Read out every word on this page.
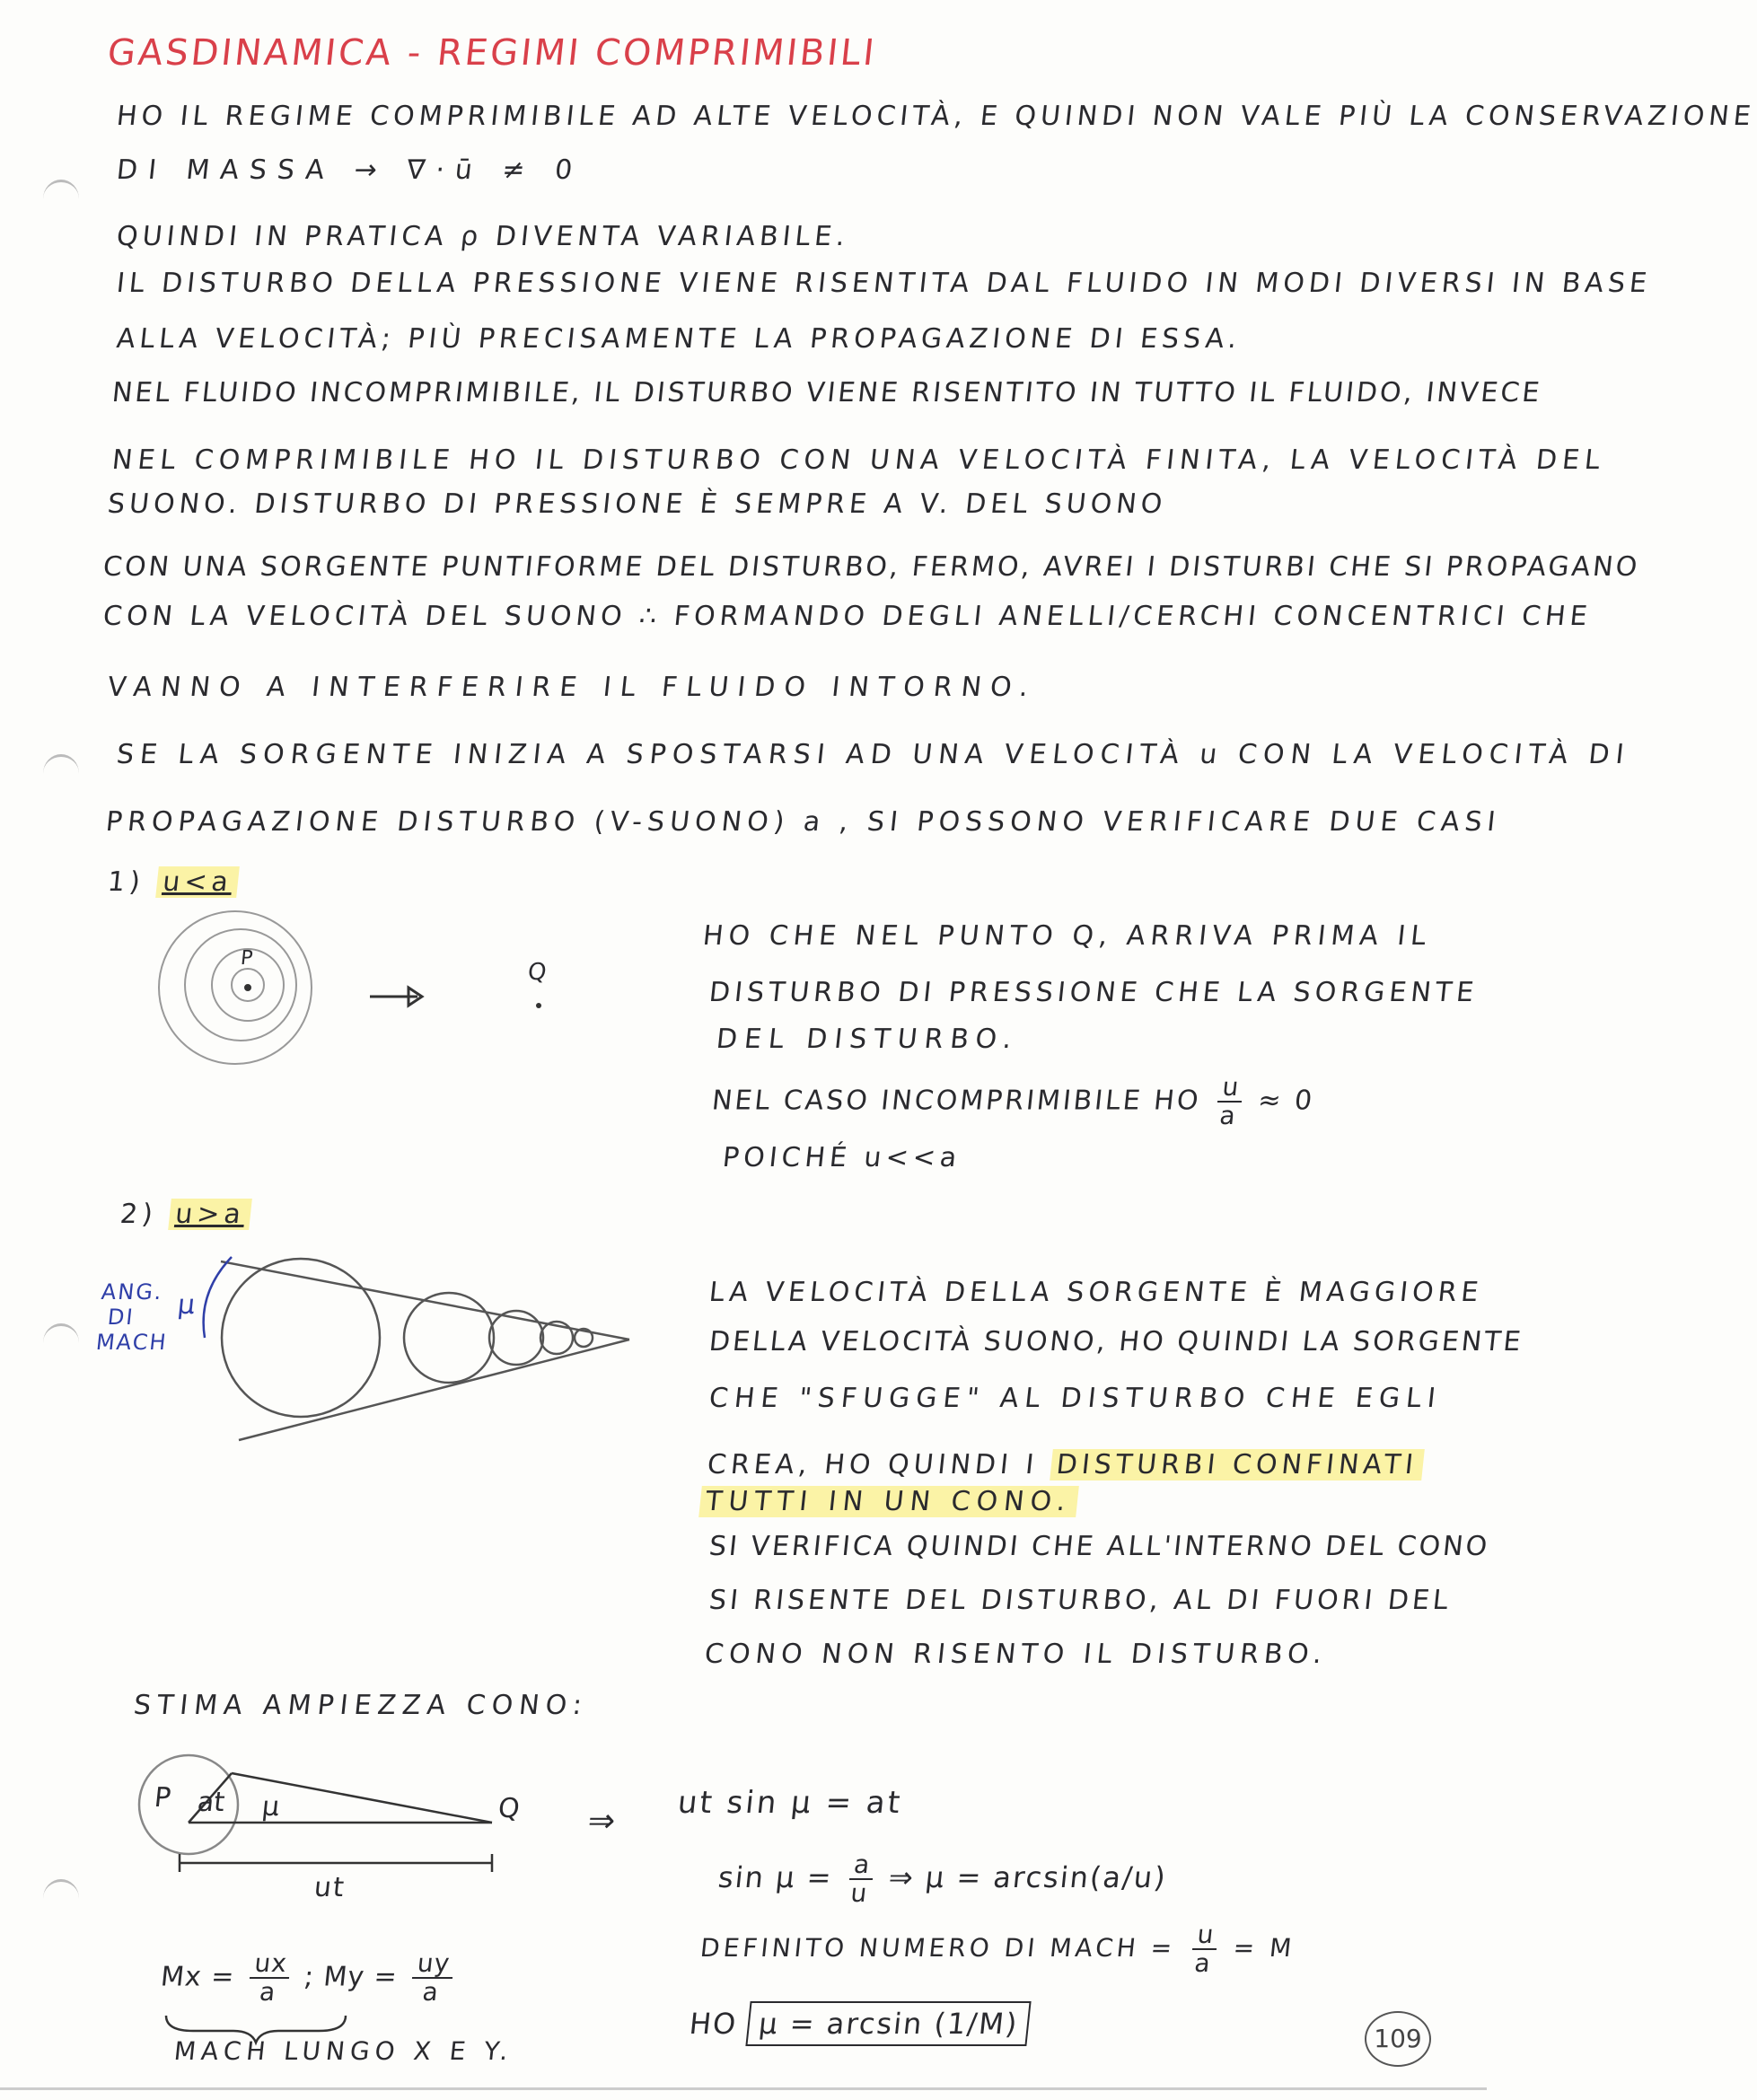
GASDINAMICA - REGIMI COMPRIMIBILI
HO IL REGIME COMPRIMIBILE AD ALTE VELOCITÀ, E QUINDI NON VALE PIÙ LA CONSERVAZIONE
DI MASSA → ∇·ū ≠ 0
QUINDI IN PRATICA ρ DIVENTA VARIABILE.
IL DISTURBO DELLA PRESSIONE VIENE RISENTITA DAL FLUIDO IN MODI DIVERSI IN BASE
ALLA VELOCITÀ; PIÙ PRECISAMENTE LA PROPAGAZIONE DI ESSA.
NEL FLUIDO INCOMPRIMIBILE, IL DISTURBO VIENE RISENTITO IN TUTTO IL FLUIDO, INVECE
NEL COMPRIMIBILE HO IL DISTURBO CON UNA VELOCITÀ FINITA, LA VELOCITÀ DEL
SUONO. DISTURBO DI PRESSIONE È SEMPRE A V. DEL SUONO
CON UNA SORGENTE PUNTIFORME DEL DISTURBO, FERMO, AVREI I DISTURBI CHE SI PROPAGANO
CON LA VELOCITÀ DEL SUONO ∴ FORMANDO DEGLI ANELLI/CERCHI CONCENTRICI CHE
VANNO A INTERFERIRE IL FLUIDO INTORNO.
SE LA SORGENTE INIZIA A SPOSTARSI AD UNA VELOCITÀ u CON LA VELOCITÀ DI
PROPAGAZIONE DISTURBO (V-SUONO) a , SI POSSONO VERIFICARE DUE CASI
1) u<a
P
Q
HO CHE NEL PUNTO Q, ARRIVA PRIMA IL
DISTURBO DI PRESSIONE CHE LA SORGENTE
DEL DISTURBO.
NEL CASO INCOMPRIMIBILE HO $\frac{u}{a} \approx 0$
POICHÉ u<<a
2) u>a
ANG.
DI
MACH
μ	LA VELOCITÀ DELLA SORGENTE È MAGGIORE
DELLA VELOCITÀ SUONO, HO QUINDI LA SORGENTE
CHE "SFUGGE" AL DISTURBO CHE EGLI
CREA, HO QUINDI I DISTURBI CONFINATI
TUTTI IN UN CONO.
SI VERIFICA QUINDI CHE ALL'INTERNO DEL CONO
SI RISENTE DEL DISTURBO, AL DI FUORI DEL
CONO NON RISENTO IL DISTURBO.
STIMA AMPIEZZA CONO:
P at μ	Q
ut
⇒ ut sin μ = at
$\sin \mu = \frac{a}{u}$ ⇒ μ = arcsin(a/u)
DEFINITO NUMERO DI MACH = $\frac{u}{a} = M$
HO μ = arcsin (1/M)
$Mx = \frac{ux}{a}$ ; $My = \frac{uy}{a}$
MACH LUNGO X E Y.	109
